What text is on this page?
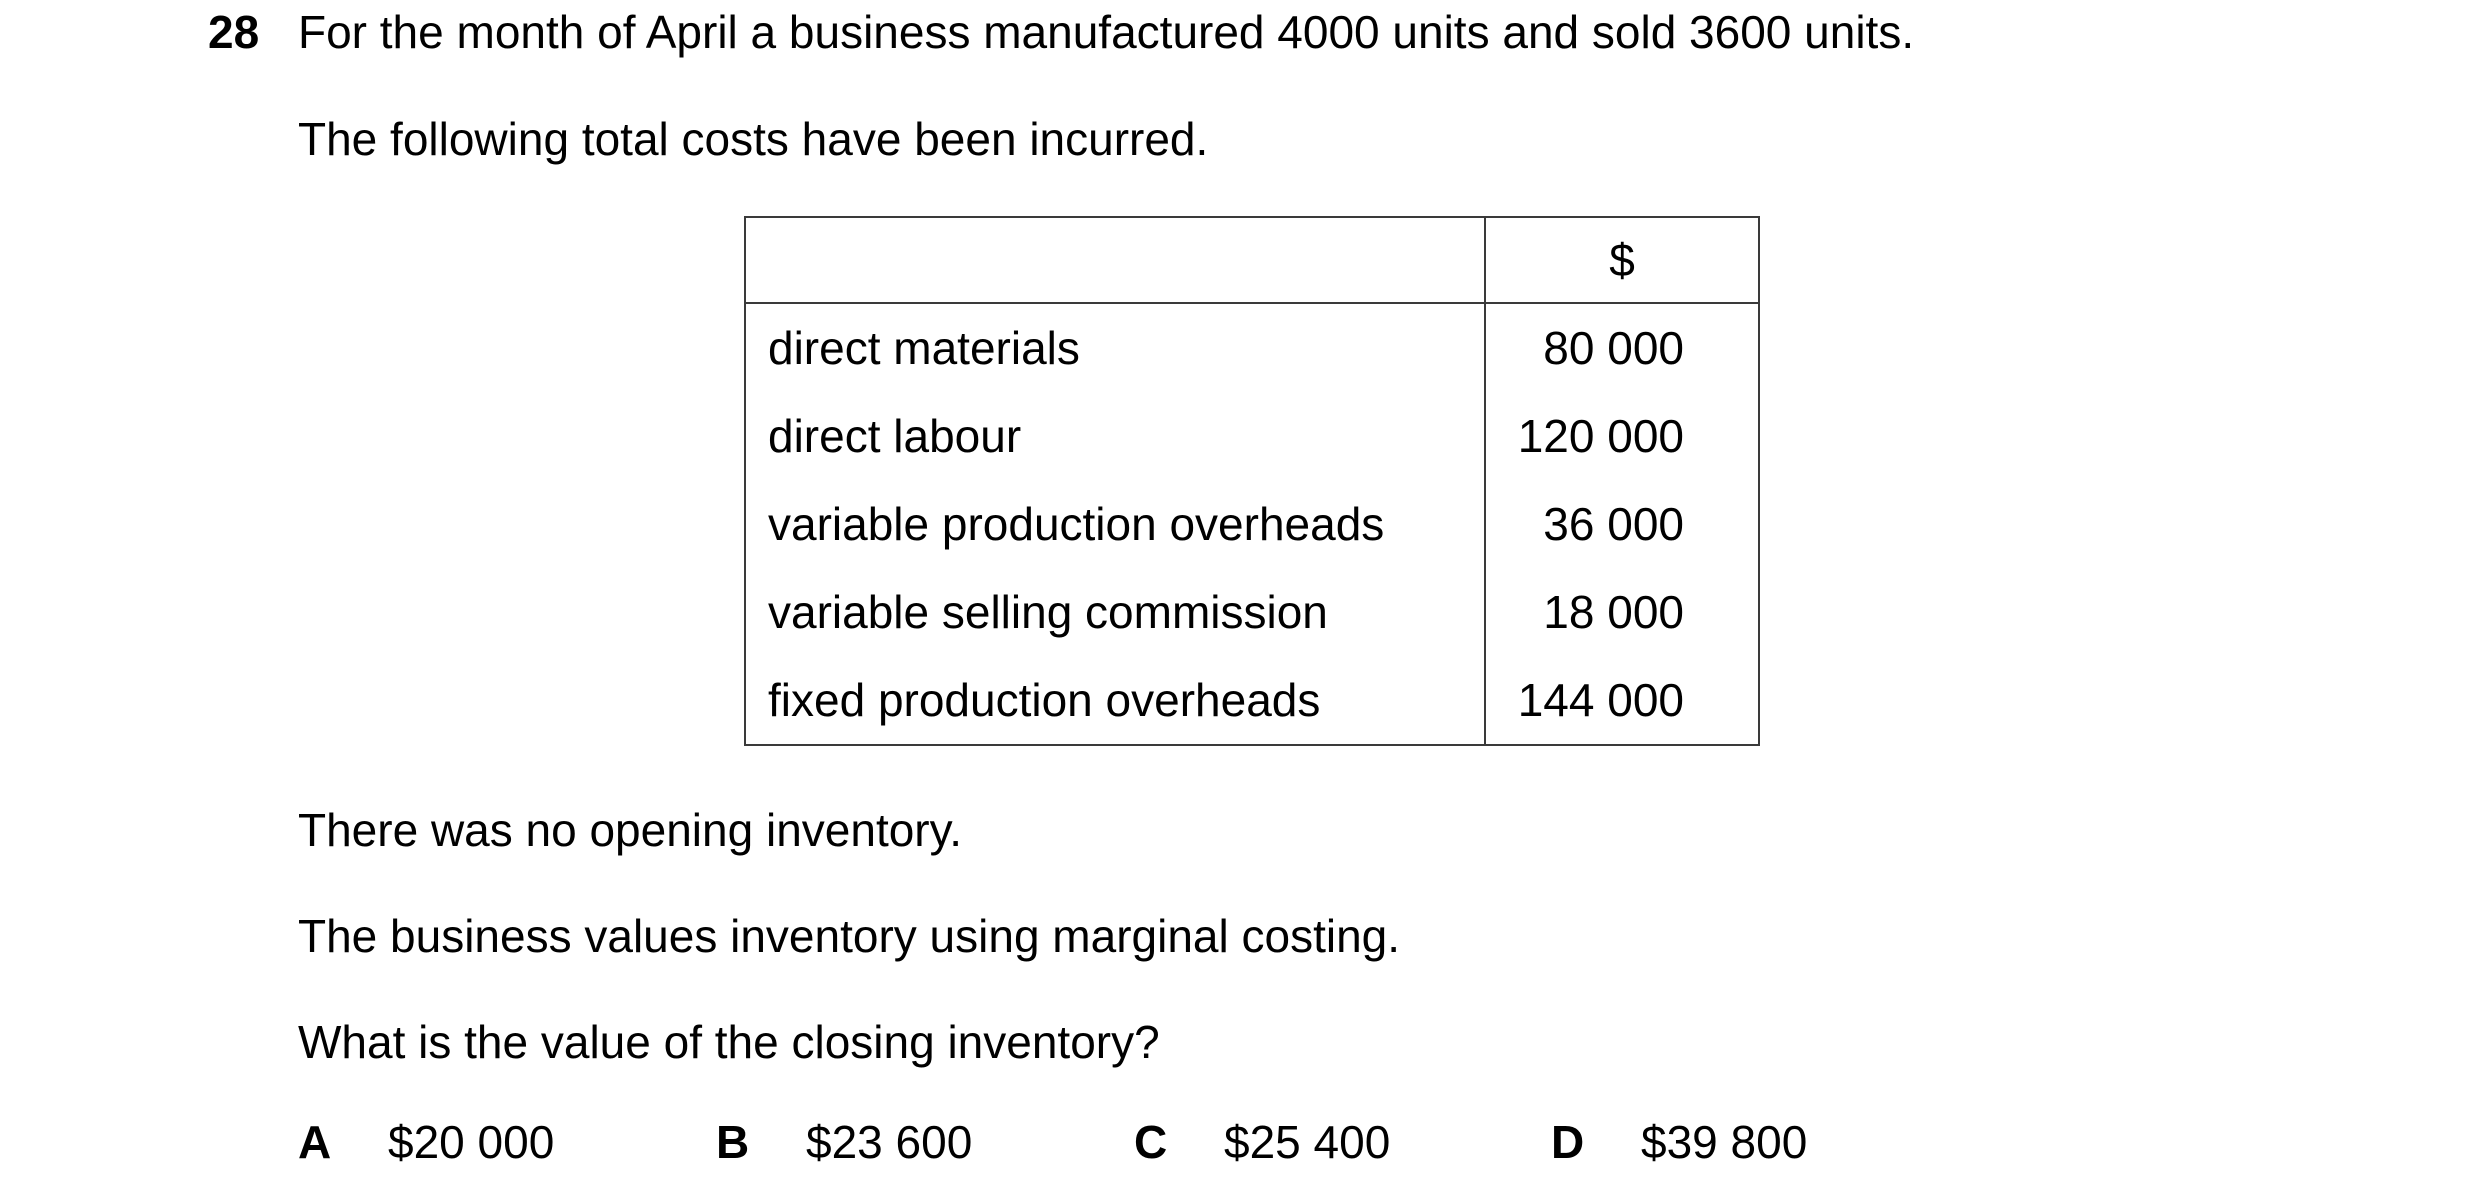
28 For the month of April a business manufactured 4000 units and sold 3600 units.
The following total costs have been incurred.
	$
direct materials	80 000
direct labour	120 000
variable production overheads	36 000
variable selling commission	18 000
fixed production overheads	144 000
There was no opening inventory.
The business values inventory using marginal costing.
What is the value of the closing inventory?
A $20 000	B $23 600	C $25 400	D $39 800
